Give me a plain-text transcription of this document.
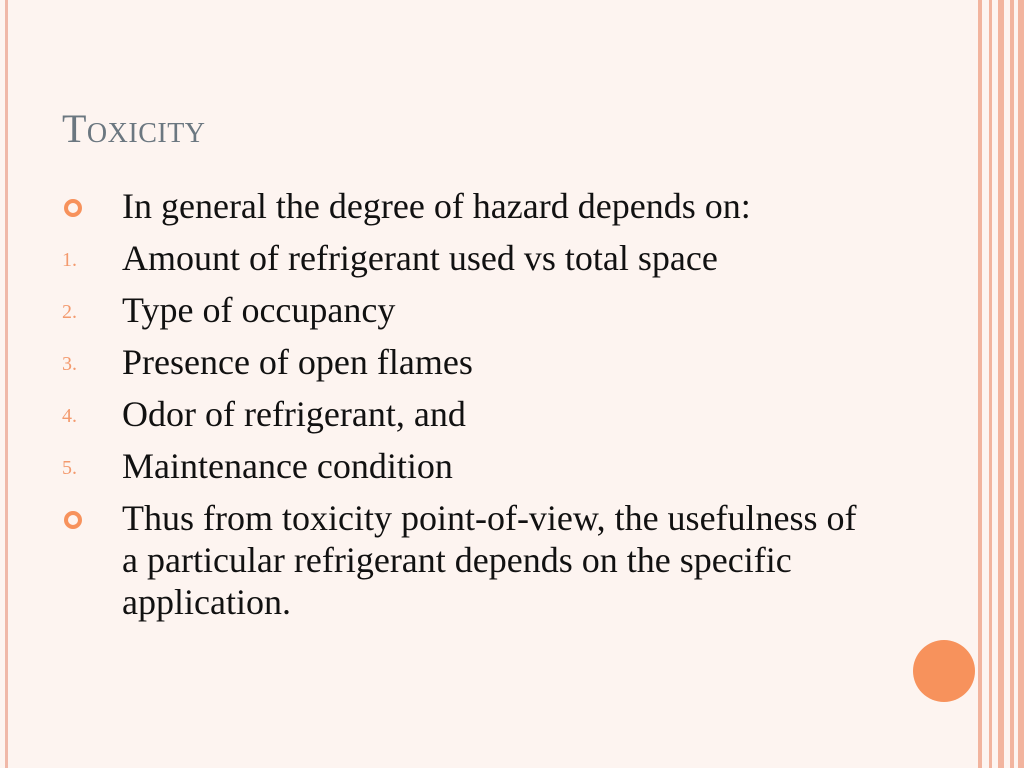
Toxicity
In general the degree of hazard depends on:
1. Amount of refrigerant used vs total space
2. Type of occupancy
3. Presence of open flames
4. Odor of refrigerant, and
5. Maintenance condition
Thus from toxicity point-of-view, the usefulness of a particular refrigerant depends on the specific application.
